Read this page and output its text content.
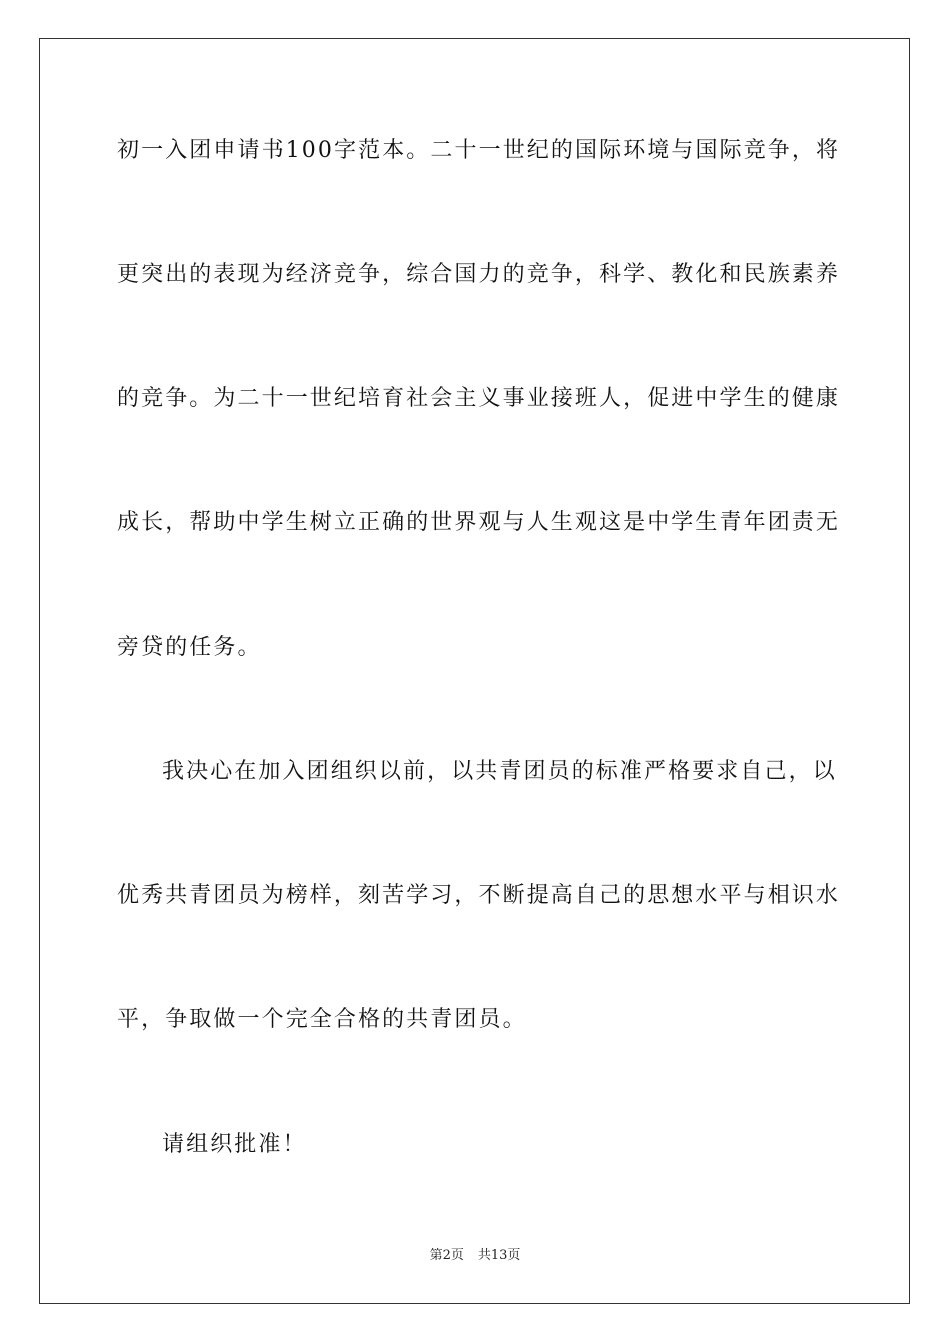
初一入团申请书100字范本。二十一世纪的国际环境与国际竞争，将
更突出的表现为经济竞争，综合国力的竞争，科学、教化和民族素养
的竞争。为二十一世纪培育社会主义事业接班人，促进中学生的健康
成长，帮助中学生树立正确的世界观与人生观这是中学生青年团责无
旁贷的任务。
我决心在加入团组织以前，以共青团员的标准严格要求自己，以
优秀共青团员为榜样，刻苦学习，不断提高自己的思想水平与相识水
平，争取做一个完全合格的共青团员。
请组织批准！
第2页 共13页
